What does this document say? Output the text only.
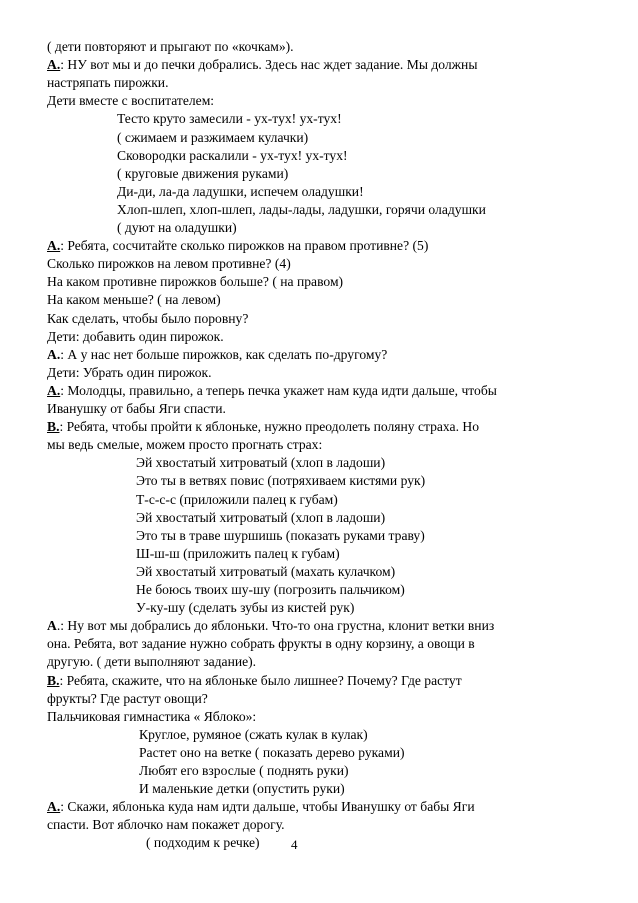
( дети повторяют и прыгают по «кочкам»).
А.: НУ вот мы и до печки добрались. Здесь нас ждет задание. Мы должны
настряпать пирожки.
Дети вместе с воспитателем:
Тесто круто замесили - ух-тух! ух-тух!
( сжимаем и разжимаем кулачки)
Сковородки раскалили - ух-тух! ух-тух!
( круговые движения руками)
Ди-ди, ла-да ладушки, испечем оладушки!
Хлоп-шлеп, хлоп-шлеп, лады-лады, ладушки, горячи оладушки
( дуют на оладушки)
А.: Ребята, сосчитайте сколько пирожков на правом противне? (5)
Сколько пирожков на левом противне? (4)
На каком противне пирожков больше? ( на правом)
На каком меньше? ( на левом)
Как сделать, чтобы было поровну?
Дети: добавить один пирожок.
А.: А у нас нет больше пирожков, как сделать по-другому?
Дети: Убрать один пирожок.
А.: Молодцы, правильно, а теперь печка укажет нам куда идти дальше, чтобы
Иванушку от бабы Яги спасти.
В.: Ребята, чтобы пройти к яблоньке, нужно преодолеть поляну страха. Но
мы ведь смелые, можем просто прогнать страх:
Эй хвостатый хитроватый (хлоп в ладоши)
Это ты в ветвях повис (потряхиваем кистями рук)
Т-с-с-с (приложили палец к губам)
Эй хвостатый хитроватый (хлоп в ладоши)
Это ты в траве шуршишь (показать руками траву)
Ш-ш-ш (приложить палец к губам)
Эй хвостатый хитроватый (махать кулачком)
Не боюсь твоих шу-шу (погрозить пальчиком)
У-ку-шу (сделать зубы из кистей рук)
А.: Ну вот мы добрались до яблоньки. Что-то она грустна, клонит ветки вниз
она. Ребята, вот задание нужно собрать фрукты в одну корзину, а овощи в
другую. ( дети выполняют задание).
В.: Ребята, скажите, что на яблоньке было лишнее? Почему? Где растут
фрукты? Где растут овощи?
Пальчиковая гимнастика « Яблоко»:
Круглое, румяное (сжать кулак в кулак)
Растет оно на ветке ( показать дерево руками)
Любят его взрослые ( поднять руки)
И маленькие детки (опустить руки)
А.: Скажи, яблонька куда нам идти дальше, чтобы Иванушку от бабы Яги
спасти. Вот яблочко нам покажет дорогу.
( подходим к речке) 4
